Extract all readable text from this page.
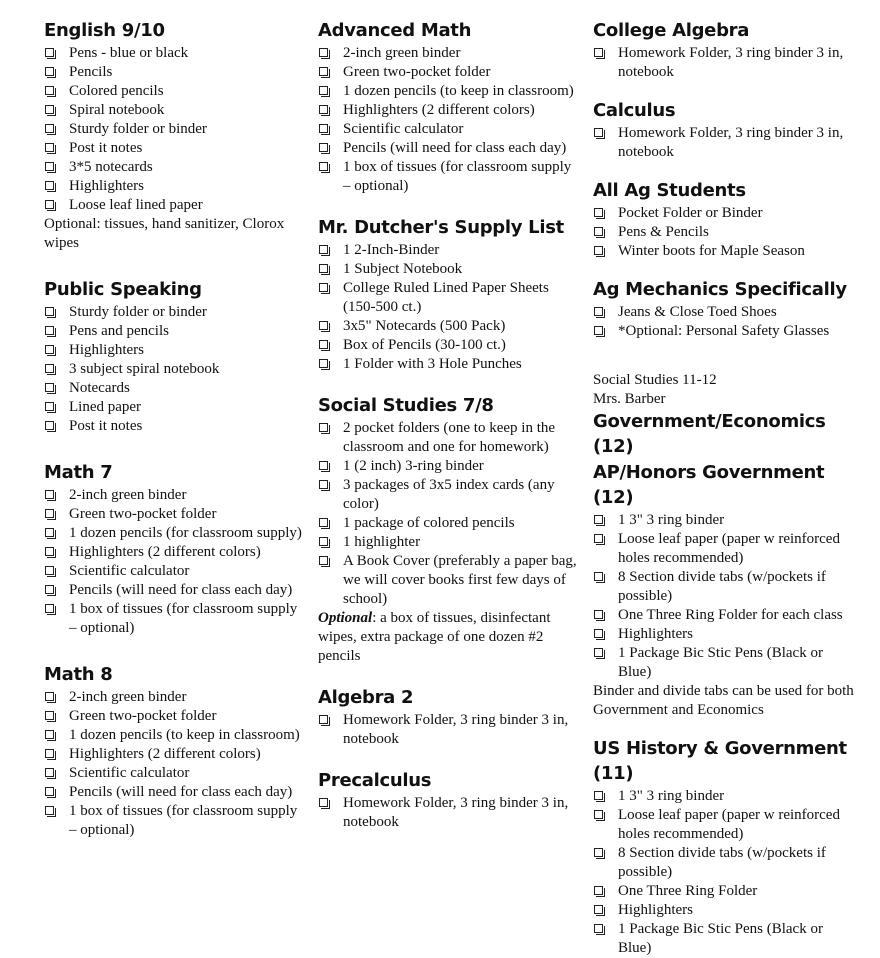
English 9/10
Pens - blue or black
Pencils
Colored pencils
Spiral notebook
Sturdy folder or binder
Post it notes
3*5 notecards
Highlighters
Loose leaf lined paper

Optional: tissues, hand sanitizer, Clorox wipes

Public Speaking
Sturdy folder or binder
Pens and pencils
Highlighters
3 subject spiral notebook
Notecards
Lined paper
Post it notes
Math 7
2-inch green binder
Green two-pocket folder
1 dozen pencils (for classroom supply)
Highlighters (2 different colors)
Scientific calculator
Pencils (will need for class each day)
1 box of tissues (for classroom supply – optional)
Math 8
2-inch green binder
Green two-pocket folder
1 dozen pencils (to keep in classroom)
Highlighters (2 different colors)
Scientific calculator
Pencils (will need for class each day)
1 box of tissues (for classroom supply – optional)
Advanced Math
2-inch green binder
Green two-pocket folder
1 dozen pencils (to keep in classroom)
Highlighters (2 different colors)
Scientific calculator
Pencils (will need for class each day)
1 box of tissues (for classroom supply – optional)
Mr. Dutcher's Supply List
1 2-Inch-Binder
1 Subject Notebook
College Ruled Lined Paper Sheets (150-500 ct.)
3x5" Notecards (500 Pack)
Box of Pencils (30-100 ct.)
1 Folder with 3 Hole Punches
Social Studies 7/8
2 pocket folders (one to keep in the classroom and one for homework)
1 (2 inch) 3-ring binder
3 packages of 3x5 index cards (any color)
1 package of colored pencils
1 highlighter
A Book Cover (preferably a paper bag, we will cover books first few days of school)

Optional: a box of tissues, disinfectant wipes, extra package of one dozen #2 pencils

Algebra 2
Homework Folder, 3 ring binder 3 in, notebook
Precalculus
Homework Folder, 3 ring binder 3 in, notebook
College Algebra
Homework Folder, 3 ring binder 3 in, notebook
Calculus
Homework Folder, 3 ring binder 3 in, notebook
All Ag Students
Pocket Folder or Binder
Pens & Pencils
Winter boots for Maple Season
Ag Mechanics Specifically
Jeans & Close Toed Shoes
*Optional: Personal Safety Glasses

Social Studies 11-12

Mrs. Barber

Government/Economics (12)
AP/Honors Government (12)
1 3" 3 ring binder
Loose leaf paper (paper w reinforced holes recommended)
8 Section divide tabs (w/pockets if possible)
One Three Ring Folder for each class
Highlighters
1 Package Bic Stic Pens (Black or Blue)

Binder and divide tabs can be used for both Government and Economics

US History & Government (11)
1 3" 3 ring binder
Loose leaf paper (paper w reinforced holes recommended)
8 Section divide tabs (w/pockets if possible)
One Three Ring Folder
Highlighters
1 Package Bic Stic Pens (Black or Blue)
